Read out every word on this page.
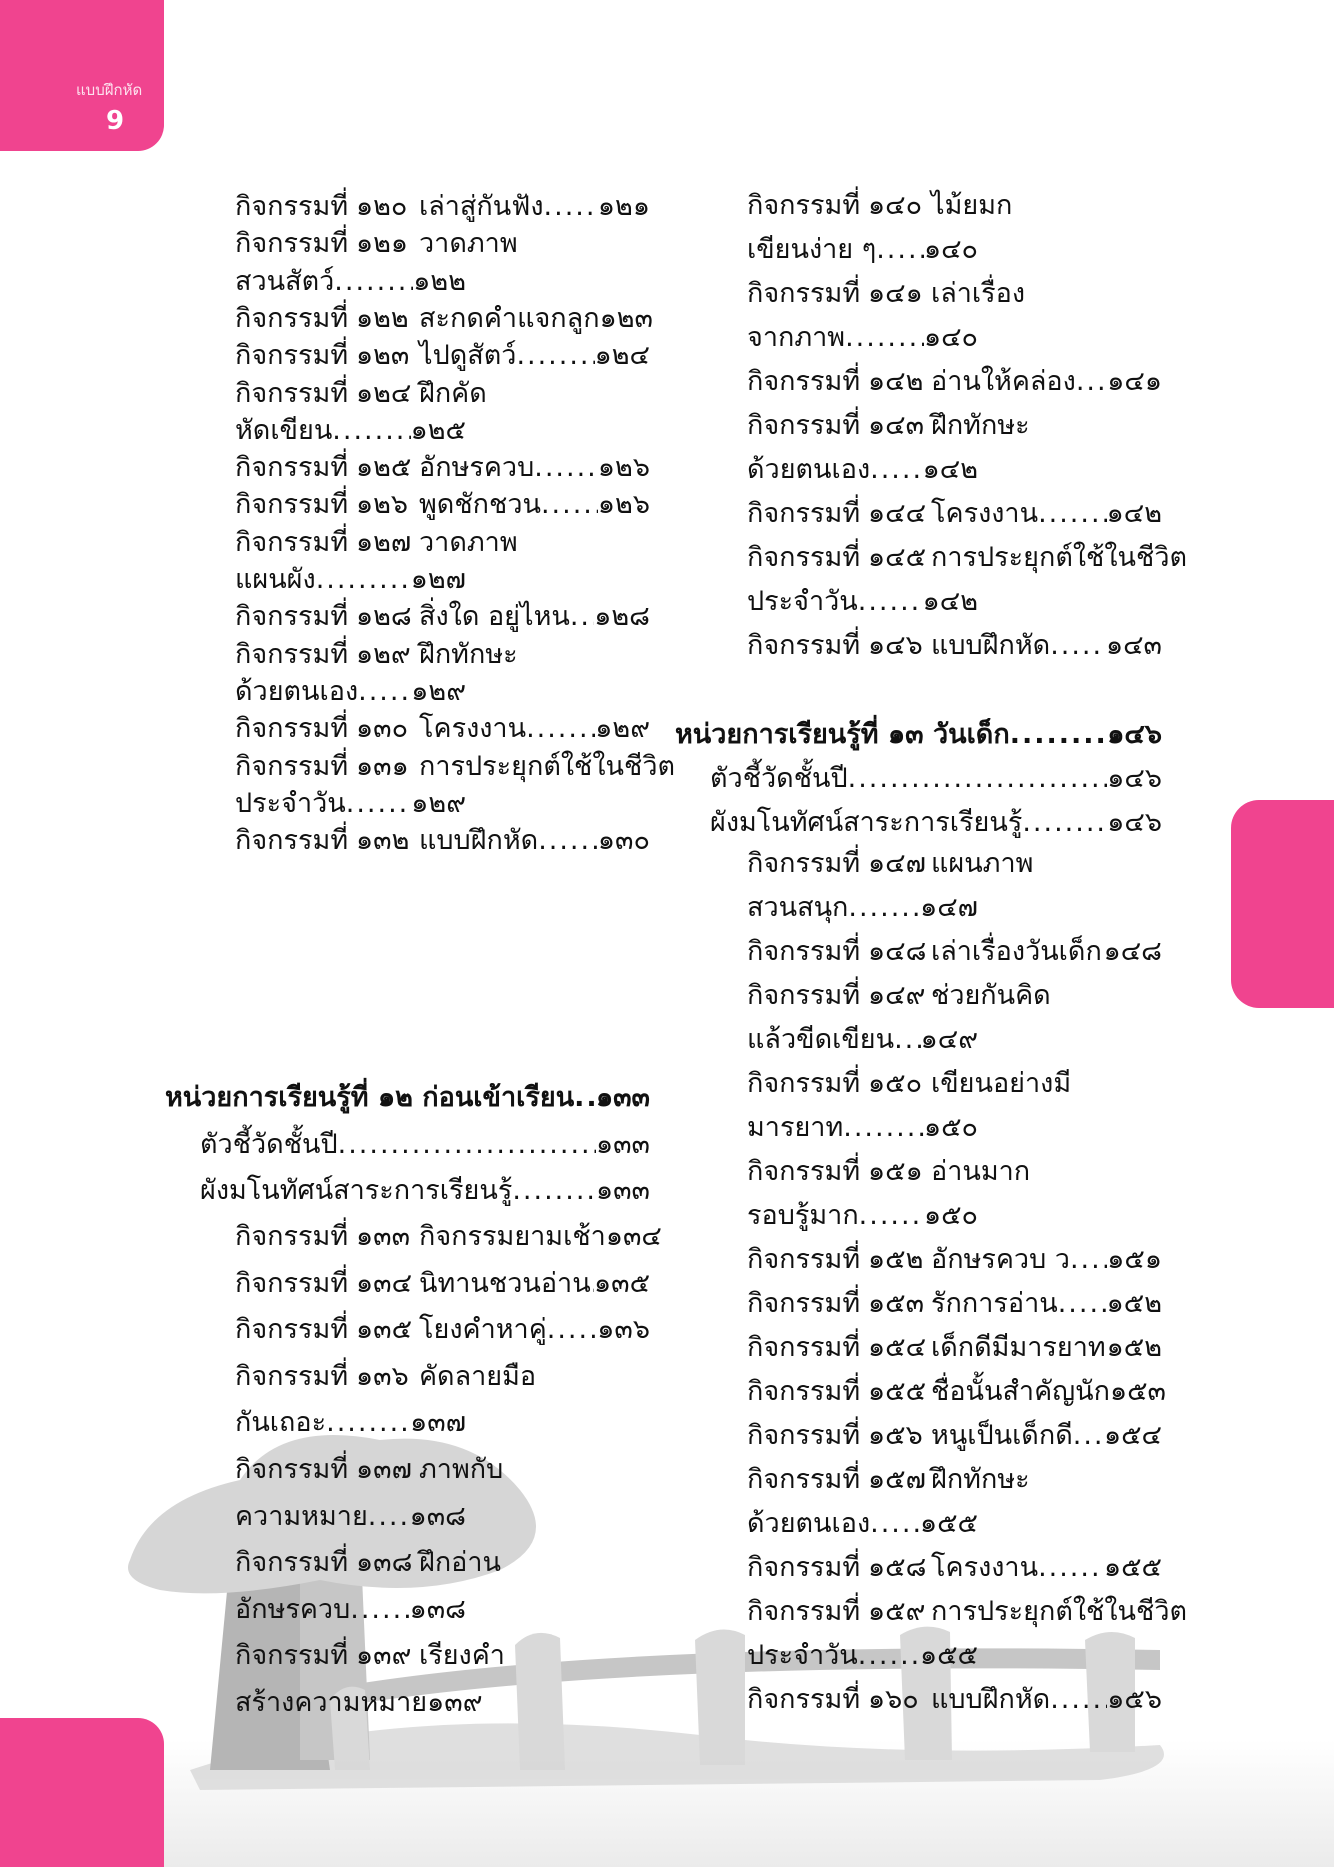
แบบฝึกหัด
9
กิจกรรมที่ ๑๒๐ เล่าสู่กันฟัง ..... ๑๒๑
กิจกรรมที่ ๑๒๑ วาดภาพ
สวนสัตว์ .....	๑๒๒
กิจกรรมที่ ๑๒๒ สะกดคำแจกลูก ๑๒๓
กิจกรรมที่ ๑๒๓ ไปดูสัตว์ .....	๑๒๔
กิจกรรมที่ ๑๒๔ ฝึกคัด
หัดเขียน .....	๑๒๕
กิจกรรมที่ ๑๒๕ อักษรควบ ..... ๑๒๖
กิจกรรมที่ ๑๒๖ พูดชักชวน ..... ๑๒๖
กิจกรรมที่ ๑๒๗ วาดภาพ
แผนผัง .....	๑๒๗
กิจกรรมที่ ๑๒๘ สิ่งใด อยู่ไหน ..... ๑๒๘
กิจกรรมที่ ๑๒๙ ฝึกทักษะ
ด้วยตนเอง ..... ๑๒๙
กิจกรรมที่ ๑๓๐ โครงงาน .....	๑๒๙
กิจกรรมที่ ๑๓๑ การประยุกต์ใช้ในชีวิต
ประจำวัน ..... ๑๒๙
กิจกรรมที่ ๑๓๒ แบบฝึกหัด ..... ๑๓๐
หน่วยการเรียนรู้ที่ ๑๒ ก่อนเข้าเรียน ..... ๑๓๓
ตัวชี้วัดชั้นปี .....	๑๓๓
ผังมโนทัศน์สาระการเรียนรู้ .....	๑๓๓
กิจกรรมที่ ๑๓๓ กิจกรรมยามเช้า ๑๓๔
กิจกรรมที่ ๑๓๔ นิทานชวนอ่าน ..... ๑๓๕
กิจกรรมที่ ๑๓๕ โยงคำหาคู่ ..... ๑๓๖
กิจกรรมที่ ๑๓๖ คัดลายมือ
กันเถอะ .....	๑๓๗
กิจกรรมที่ ๑๓๗ ภาพกับ
ความหมาย ..... ๑๓๘
กิจกรรมที่ ๑๓๘ ฝึกอ่าน
อักษรควบ ..... ๑๓๘
กิจกรรมที่ ๑๓๙ เรียงคำ
สร้างความหมาย ๑๓๙
กิจกรรมที่ ๑๔๐ ไม้ยมก
เขียนง่าย ๆ ..... ๑๔๐
กิจกรรมที่ ๑๔๑ เล่าเรื่อง
จากภาพ .....	๑๔๐
กิจกรรมที่ ๑๔๒ อ่านให้คล่อง ..... ๑๔๑
กิจกรรมที่ ๑๔๓ ฝึกทักษะ
ด้วยตนเอง ..... ๑๔๒
กิจกรรมที่ ๑๔๔ โครงงาน .....	๑๔๒
กิจกรรมที่ ๑๔๕ การประยุกต์ใช้ในชีวิต
ประจำวัน ..... ๑๔๒
กิจกรรมที่ ๑๔๖ แบบฝึกหัด ..... ๑๔๓
หน่วยการเรียนรู้ที่ ๑๓ วันเด็ก .....	๑๔๖
ตัวชี้วัดชั้นปี .....	๑๔๖
ผังมโนทัศน์สาระการเรียนรู้ .....	๑๔๖
กิจกรรมที่ ๑๔๗ แผนภาพ
สวนสนุก .....	๑๔๗
กิจกรรมที่ ๑๔๘ เล่าเรื่องวันเด็ก ..... ๑๔๘
กิจกรรมที่ ๑๔๙ ช่วยกันคิด
แล้วขีดเขียน ..... ๑๔๙
กิจกรรมที่ ๑๕๐ เขียนอย่างมี
มารยาท .....	๑๕๐
กิจกรรมที่ ๑๕๑ อ่านมาก
รอบรู้มาก ..... ๑๕๐
กิจกรรมที่ ๑๕๒ อักษรควบ ว ..... ๑๕๑
กิจกรรมที่ ๑๕๓ รักการอ่าน ..... ๑๕๒
กิจกรรมที่ ๑๕๔ เด็กดีมีมารยาท ..... ๑๕๒
กิจกรรมที่ ๑๕๕ ชื่อนั้นสำคัญนัก ๑๕๓
กิจกรรมที่ ๑๕๖ หนูเป็นเด็กดี ..... ๑๕๔
กิจกรรมที่ ๑๕๗ ฝึกทักษะ
ด้วยตนเอง ..... ๑๕๕
กิจกรรมที่ ๑๕๘ โครงงาน ..... ๑๕๕
กิจกรรมที่ ๑๕๙ การประยุกต์ใช้ในชีวิต
ประจำวัน ..... ๑๕๕
กิจกรรมที่ ๑๖๐ แบบฝึกหัด ..... ๑๕๖
